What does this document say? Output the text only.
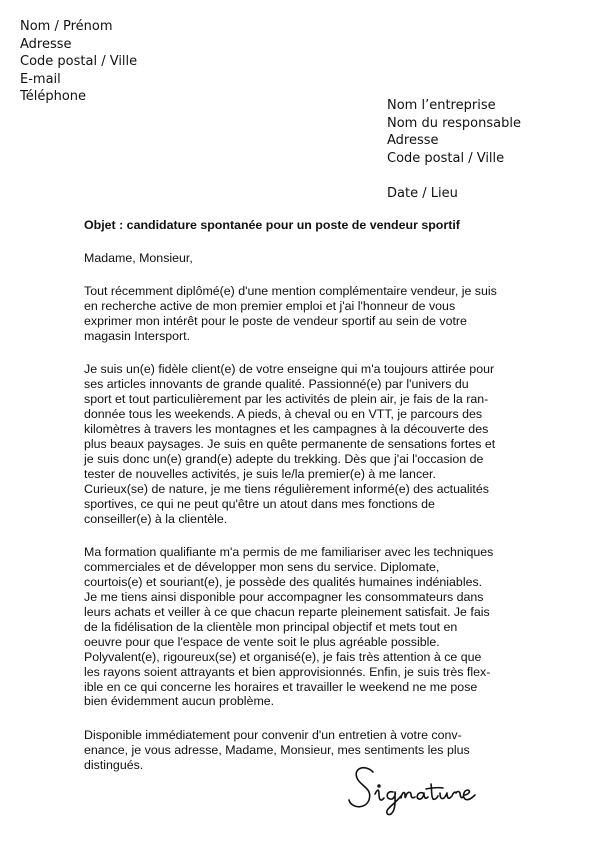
Nom / Prénom
Adresse
Code postal / Ville
E-mail
Téléphone
Nom l’entreprise
Nom du responsable
Adresse
Code postal / Ville
Date / Lieu
Objet : candidature spontanée pour un poste de vendeur sportif
Madame, Monsieur,
Tout récemment diplômé(e) d'une mention complémentaire vendeur, je suis
en recherche active de mon premier emploi et j'ai l'honneur de vous
exprimer mon intérêt pour le poste de vendeur sportif au sein de votre
magasin Intersport.
Je suis un(e) fidèle client(e) de votre enseigne qui m'a toujours attirée pour
ses articles innovants de grande qualité. Passionné(e) par l'univers du
sport et tout particulièrement par les activités de plein air, je fais de la ran-
donnée tous les weekends. A pieds, à cheval ou en VTT, je parcours des
kilomètres à travers les montagnes et les campagnes à la découverte des
plus beaux paysages. Je suis en quête permanente de sensations fortes et
je suis donc un(e) grand(e) adepte du trekking. Dès que j'ai l'occasion de
tester de nouvelles activités, je suis le/la premier(e) à me lancer.
Curieux(se) de nature, je me tiens régulièrement informé(e) des actualités
sportives, ce qui ne peut qu'être un atout dans mes fonctions de
conseiller(e) à la clientèle.
Ma formation qualifiante m'a permis de me familiariser avec les techniques
commerciales et de développer mon sens du service. Diplomate,
courtois(e) et souriant(e), je possède des qualités humaines indéniables.
Je me tiens ainsi disponible pour accompagner les consommateurs dans
leurs achats et veiller à ce que chacun reparte pleinement satisfait. Je fais
de la fidélisation de la clientèle mon principal objectif et mets tout en
oeuvre pour que l'espace de vente soit le plus agréable possible.
Polyvalent(e), rigoureux(se) et organisé(e), je fais très attention à ce que
les rayons soient attrayants et bien approvisionnés. Enfin, je suis très flex-
ible en ce qui concerne les horaires et travailler le weekend ne me pose
bien évidemment aucun problème.
Disponible immédiatement pour convenir d'un entretien à votre conv-
enance, je vous adresse, Madame, Monsieur, mes sentiments les plus
distingués.
